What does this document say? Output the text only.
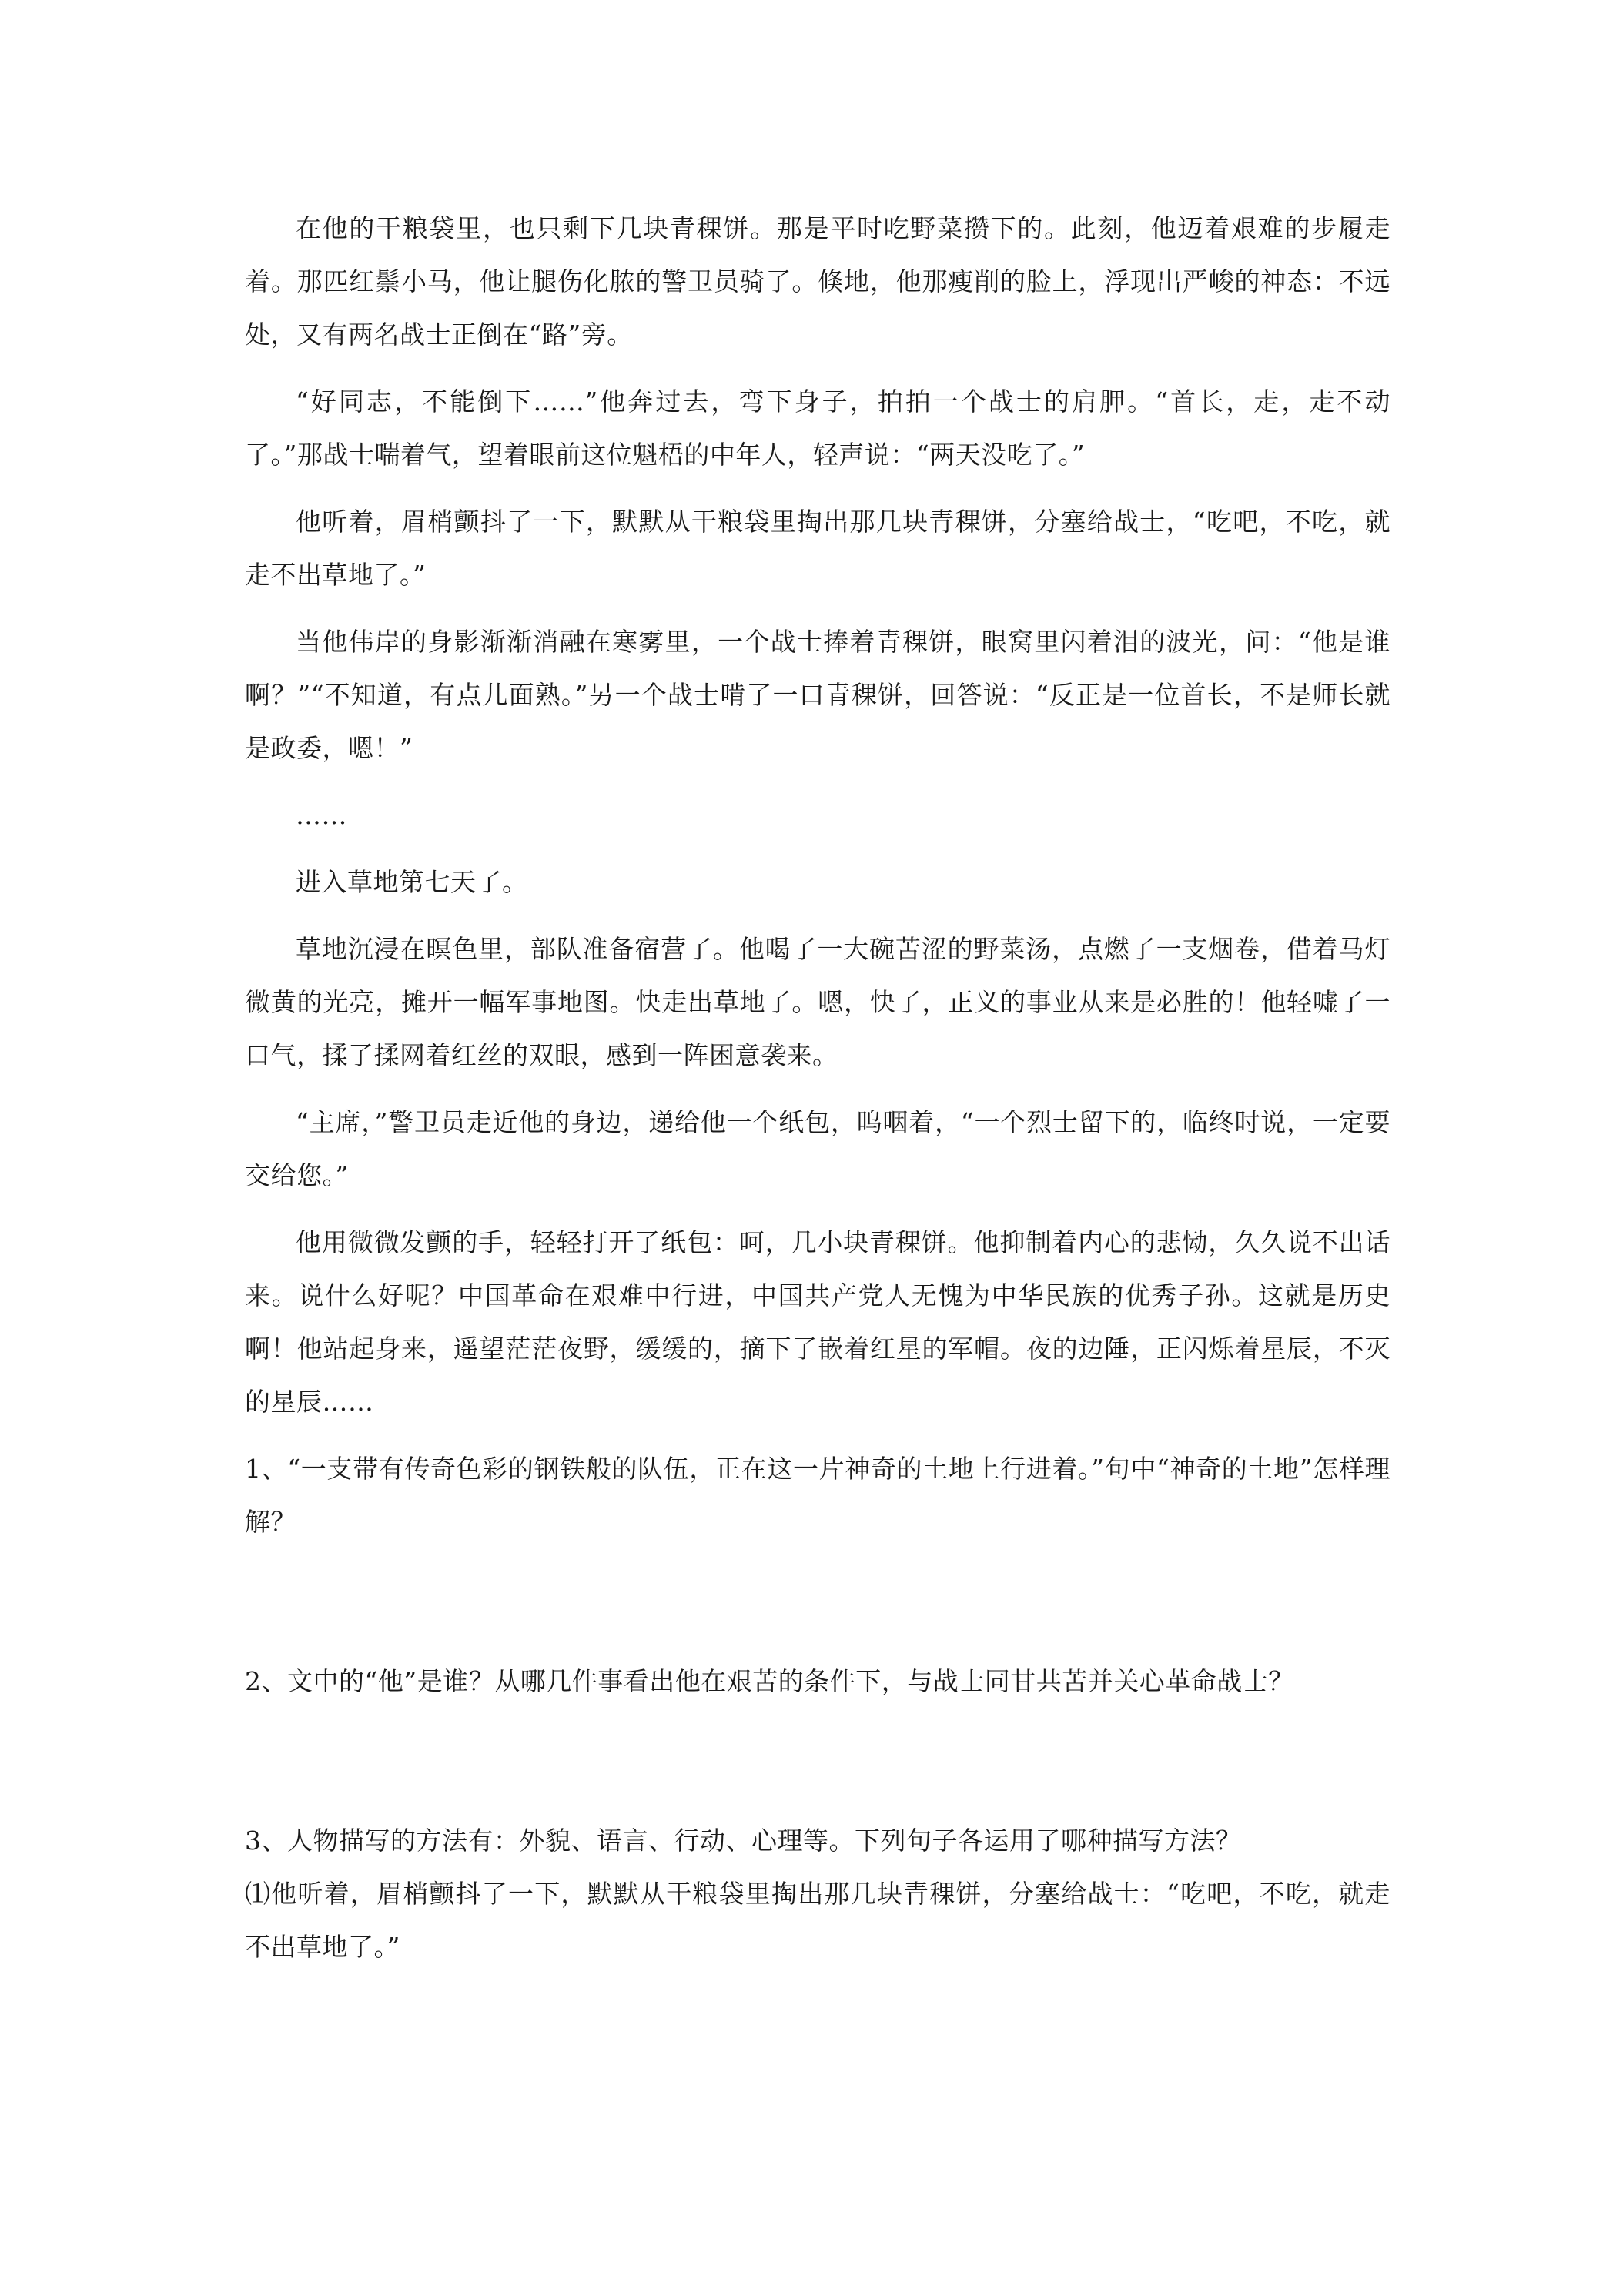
在他的干粮袋里，也只剩下几块青稞饼。那是平时吃野菜攒下的。此刻，他迈着艰难的步履走着。那匹红鬃小马，他让腿伤化脓的警卫员骑了。倏地，他那瘦削的脸上，浮现出严峻的神态：不远处，又有两名战士正倒在“路”旁。

“好同志，不能倒下……”他奔过去，弯下身子，拍拍一个战士的肩胛。“首长，走，走不动了。”那战士喘着气，望着眼前这位魁梧的中年人，轻声说：“两天没吃了。”

他听着，眉梢颤抖了一下，默默从干粮袋里掏出那几块青稞饼，分塞给战士，“吃吧，不吃，就走不出草地了。”

当他伟岸的身影渐渐消融在寒雾里，一个战士捧着青稞饼，眼窝里闪着泪的波光，问：“他是谁啊？”“不知道，有点儿面熟。”另一个战士啃了一口青稞饼，回答说：“反正是一位首长，不是师长就是政委，嗯！”

……

进入草地第七天了。

草地沉浸在暝色里，部队准备宿营了。他喝了一大碗苦涩的野菜汤，点燃了一支烟卷，借着马灯微黄的光亮，摊开一幅军事地图。快走出草地了。嗯，快了，正义的事业从来是必胜的！他轻嘘了一口气，揉了揉网着红丝的双眼，感到一阵困意袭来。

“主席，”警卫员走近他的身边，递给他一个纸包，呜咽着，“一个烈士留下的，临终时说，一定要交给您。”

他用微微发颤的手，轻轻打开了纸包：呵，几小块青稞饼。他抑制着内心的悲恸，久久说不出话来。说什么好呢？中国革命在艰难中行进，中国共产党人无愧为中华民族的优秀子孙。这就是历史啊！他站起身来，遥望茫茫夜野，缓缓的，摘下了嵌着红星的军帽。夜的边陲，正闪烁着星辰，不灭的星辰……

1、“一支带有传奇色彩的钢铁般的队伍，正在这一片神奇的土地上行进着。”句中“神奇的土地”怎样理解？

2、文中的“他”是谁？从哪几件事看出他在艰苦的条件下，与战士同甘共苦并关心革命战士？

3、人物描写的方法有：外貌、语言、行动、心理等。下列句子各运用了哪种描写方法？

⑴他听着，眉梢颤抖了一下，默默从干粮袋里掏出那几块青稞饼，分塞给战士：“吃吧，不吃，就走不出草地了。”
